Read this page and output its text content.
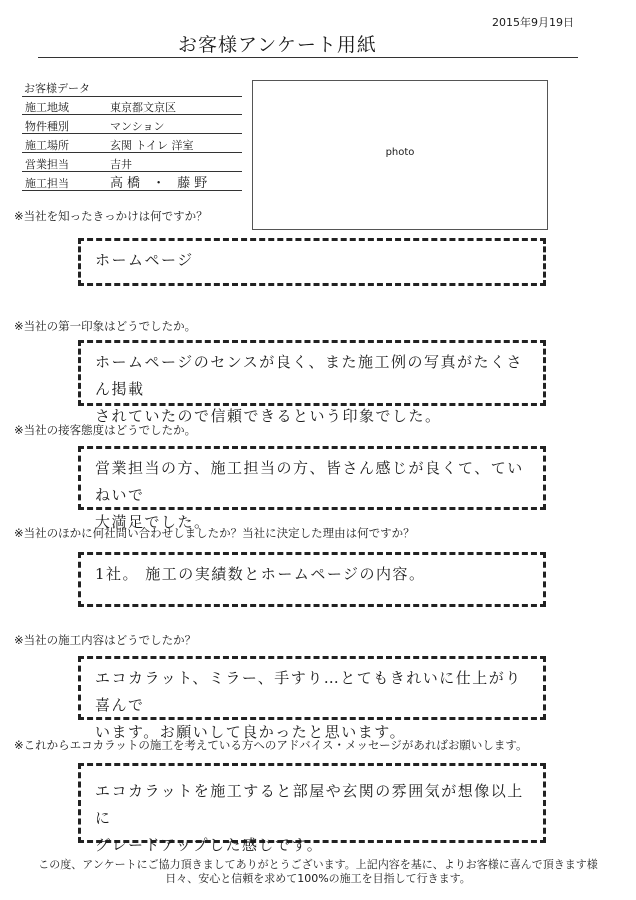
2015年9月19日
お客様アンケート用紙
お客様データ
施工地域	東京都文京区
物件種別	マンション
施工場所	玄関 トイレ 洋室
営業担当	吉井
施工担当	高橋 ・ 藤野
photo
※当社を知ったきっかけは何ですか？
ホームページ
※当社の第一印象はどうでしたか。
ホームページのセンスが良く、また施工例の写真がたくさん掲載
されていたので信頼できるという印象でした。
※当社の接客態度はどうでしたか。
営業担当の方、施工担当の方、皆さん感じが良くて、ていねいで
大満足でした。
※当社のほかに何社問い合わせしましたか？当社に決定した理由は何ですか？
1社。 施工の実績数とホームページの内容。
※当社の施工内容はどうでしたか？
エコカラット、ミラー、手すり…とてもきれいに仕上がり喜んで
います。お願いして良かったと思います。
※これからエコカラットの施工を考えている方へのアドバイス・メッセージがあればお願いします。
エコカラットを施工すると部屋や玄関の雰囲気が想像以上に
グレードアップした感じです。
この度、アンケートにご協力頂きましてありがとうございます。上記内容を基に、よりお客様に喜んで頂きます様
日々、安心と信頼を求めて100%の施工を目指して行きます。
